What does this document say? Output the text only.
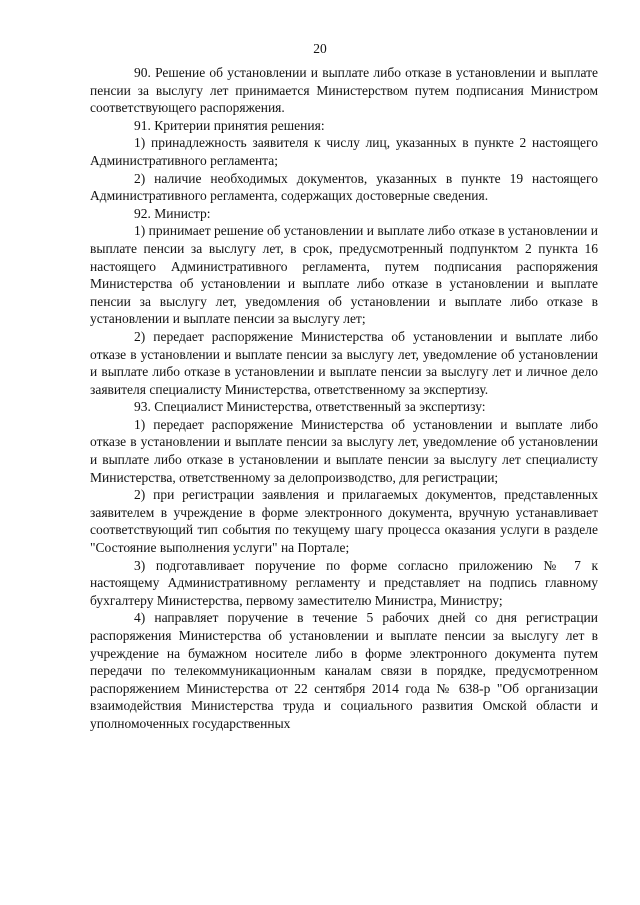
20

90. Решение об установлении и выплате либо отказе в установлении и выплате пенсии за выслугу лет принимается Министерством путем подписания Министром соответствующего распоряжения.

91. Критерии принятия решения:

1) принадлежность заявителя к числу лиц, указанных в пункте 2 настоящего Административного регламента;

2) наличие необходимых документов, указанных в пункте 19 настоящего Административного регламента, содержащих достоверные сведения.

92. Министр:

1) принимает решение об установлении и выплате либо отказе в установлении и выплате пенсии за выслугу лет, в срок, предусмотренный подпунктом 2 пункта 16 настоящего Административного регламента, путем подписания распоряжения Министерства об установлении и выплате либо отказе в установлении и выплате пенсии за выслугу лет, уведомления об установлении и выплате либо отказе в установлении и выплате пенсии за выслугу лет;

2) передает распоряжение Министерства об установлении и выплате либо отказе в установлении и выплате пенсии за выслугу лет, уведомление об установлении и выплате либо отказе в установлении и выплате пенсии за выслугу лет и личное дело заявителя специалисту Министерства, ответственному за экспертизу.

93. Специалист Министерства, ответственный за экспертизу:

1) передает распоряжение Министерства об установлении и выплате либо отказе в установлении и выплате пенсии за выслугу лет, уведомление об установлении и выплате либо отказе в установлении и выплате пенсии за выслугу лет специалисту Министерства, ответственному за делопроизводство, для регистрации;

2) при регистрации заявления и прилагаемых документов, представленных заявителем в учреждение в форме электронного документа, вручную устанавливает соответствующий тип события по текущему шагу процесса оказания услуги в разделе "Состояние выполнения услуги" на Портале;

3) подготавливает поручение по форме согласно приложению № 7 к настоящему Административному регламенту и представляет на подпись главному бухгалтеру Министерства, первому заместителю Министра, Министру;

4) направляет поручение в течение 5 рабочих дней со дня регистрации распоряжения Министерства об установлении и выплате пенсии за выслугу лет в учреждение на бумажном носителе либо в форме электронного документа путем передачи по телекоммуникационным каналам связи в порядке, предусмотренном распоряжением Министерства от 22 сентября 2014 года № 638-р "Об организации взаимодействия Министерства труда и социального развития Омской области и уполномоченных государственных
